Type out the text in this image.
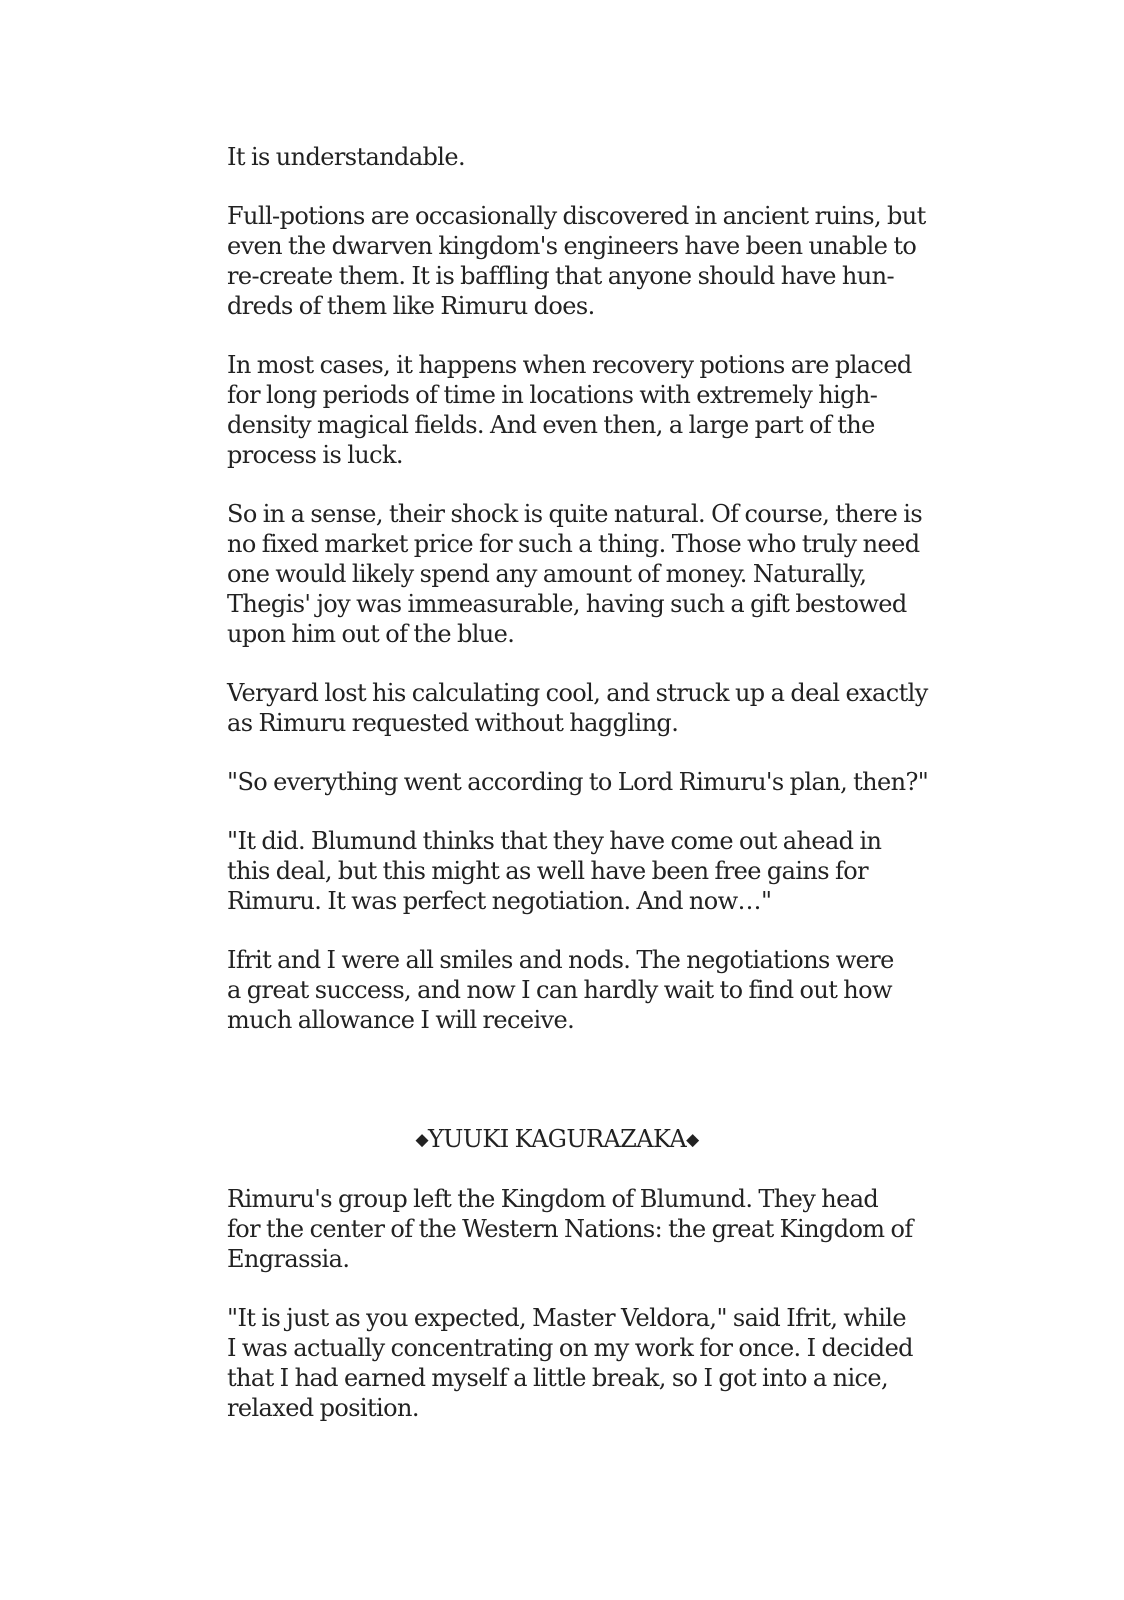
It is understandable.

Full-potions are occasionally discovered in ancient ruins, but
even the dwarven kingdom's engineers have been unable to
re-create them. It is baffling that anyone should have hun-
dreds of them like Rimuru does.

In most cases, it happens when recovery potions are placed
for long periods of time in locations with extremely high-
density magical fields. And even then, a large part of the
process is luck.

So in a sense, their shock is quite natural. Of course, there is
no fixed market price for such a thing. Those who truly need
one would likely spend any amount of money. Naturally,
Thegis' joy was immeasurable, having such a gift bestowed
upon him out of the blue.

Veryard lost his calculating cool, and struck up a deal exactly
as Rimuru requested without haggling.

"So everything went according to Lord Rimuru's plan, then?"

"It did. Blumund thinks that they have come out ahead in
this deal, but this might as well have been free gains for
Rimuru. It was perfect negotiation. And now…"

Ifrit and I were all smiles and nods. The negotiations were
a great success, and now I can hardly wait to find out how
much allowance I will receive.

◆YUUKI KAGURAZAKA◆

Rimuru's group left the Kingdom of Blumund. They head
for the center of the Western Nations: the great Kingdom of
Engrassia.

"It is just as you expected, Master Veldora," said Ifrit, while
I was actually concentrating on my work for once. I decided
that I had earned myself a little break, so I got into a nice,
relaxed position.
